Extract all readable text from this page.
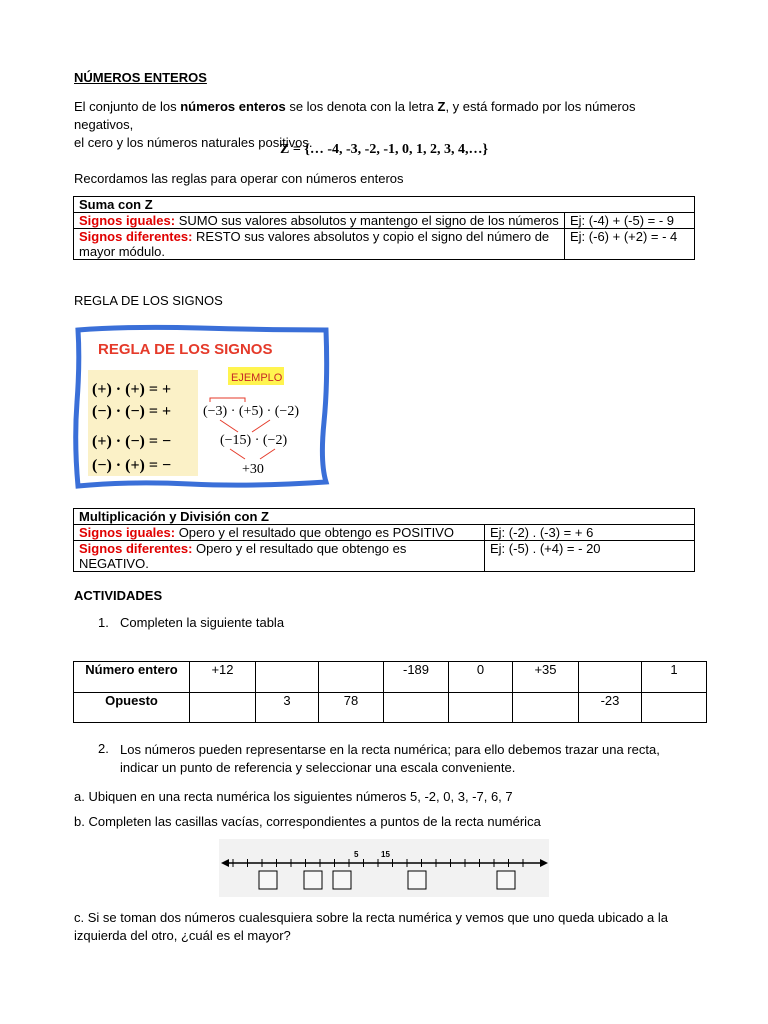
NÚMEROS ENTEROS
El conjunto de los números enteros se los denota con la letra Z, y está formado por los números negativos,
el cero y los números naturales positivos.
Z = {… -4, -3, -2, -1, 0, 1, 2, 3, 4,…}
Recordamos las reglas para operar con números enteros
Suma con Z	
Signos iguales: SUMO sus valores absolutos y mantengo el signo de los números	Ej: (-4) + (-5) = - 9
Signos diferentes: RESTO sus valores absolutos y copio el signo del número de mayor módulo.	Ej: (-6) + (+2) = - 4
REGLA DE LOS SIGNOS
REGLA DE LOS SIGNOS
(+) · (+) = +
(−) · (−) = +
(+) · (−) = −
(−) · (+) = −
EJEMPLO
(−3) · (+5) · (−2)
(−15) · (−2)
+30
Multiplicación y División con Z	
Signos iguales: Opero y el resultado que obtengo es POSITIVO	Ej: (-2) . (-3) = + 6
Signos diferentes: Opero y el resultado que obtengo es NEGATIVO.	Ej: (-5) . (+4) = - 20
ACTIVIDADES
1. Completen la siguiente tabla
Número entero	+12			-189	0	+35		1
Opuesto		3	78				-23	
2. Los números pueden representarse en la recta numérica; para ello debemos trazar una recta,
indicar un punto de referencia y seleccionar una escala conveniente.
a. Ubiquen en una recta numérica los siguientes números 5, -2, 0, 3, -7, 6, 7
b. Completen las casillas vacías, correspondientes a puntos de la recta numérica
5	15
c. Si se toman dos números cualesquiera sobre la recta numérica y vemos que uno queda ubicado a la
izquierda del otro, ¿cuál es el mayor?
